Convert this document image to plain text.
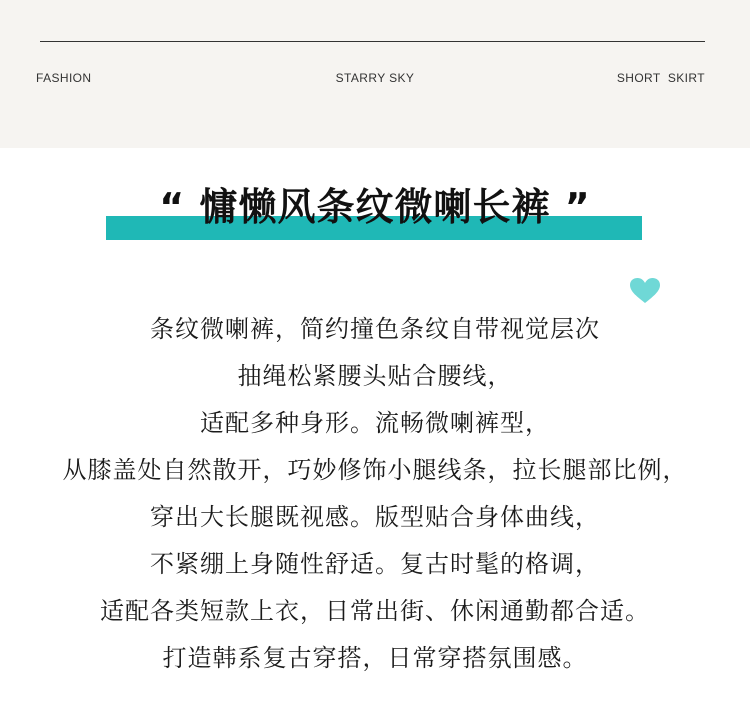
FASHION	STARRY SKY	SHORT  SKIRT
“ 慵懒风条纹微喇长裤 ”
条纹微喇裤，简约撞色条纹自带视觉层次
抽绳松紧腰头贴合腰线，
适配多种身形。流畅微喇裤型，
从膝盖处自然散开，巧妙修饰小腿线条，拉长腿部比例，
穿出大长腿既视感。版型贴合身体曲线，
不紧绷上身随性舒适。复古时髦的格调，
适配各类短款上衣，日常出街、休闲通勤都合适。
打造韩系复古穿搭，日常穿搭氛围感。
